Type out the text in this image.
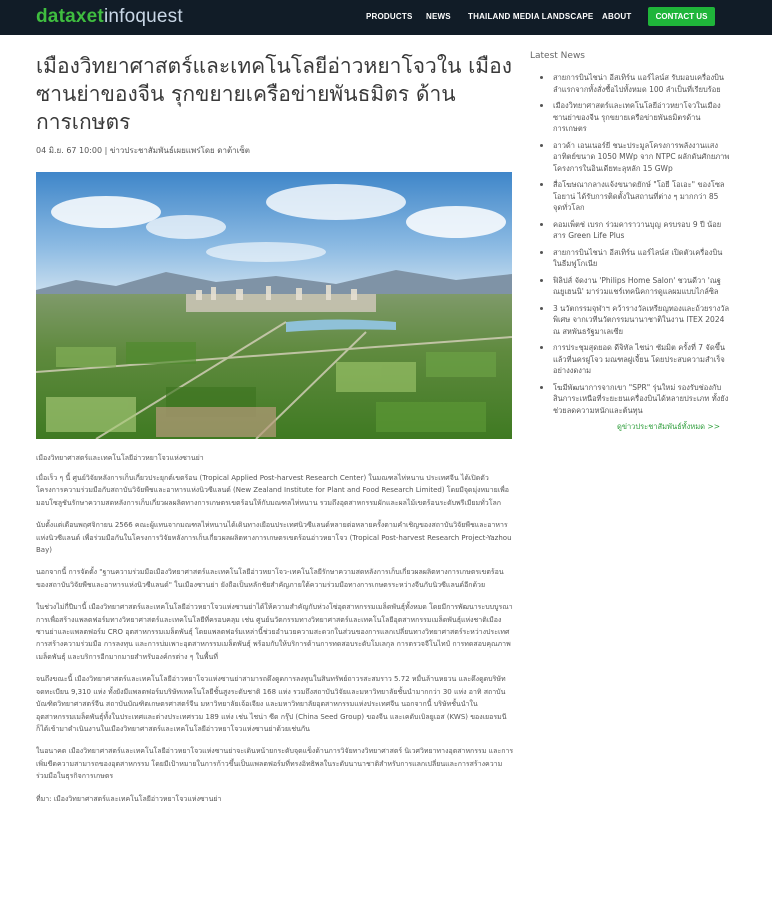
dataxetinfoquest	PRODUCTS NEWS THAILAND MEDIA LANDSCAPE ABOUT	CONTACT US
เมืองวิทยาศาสตร์และเทคโนโลยีอ่าวหยาโจวใน เมืองซานย่าของจีน รุกขยายเครือข่ายพันธมิตร ด้านการเกษตร
04 มิ.ย. 67 10:00 | ข่าวประชาสัมพันธ์เผยแพร่โดย ดาต้าเซ็ต
เมืองวิทยาศาสตร์และเทคโนโลยีอ่าวหยาโจวแห่งซานย่า

เมื่อเร็ว ๆ นี้ ศูนย์วิจัยหลังการเก็บเกี่ยวประยุกต์เขตร้อน (Tropical Applied Post-harvest Research Center) ในมณฑลไห่หนาน ประเทศจีน ได้เปิดตัวโครงการความร่วมมือกับสถาบันวิจัยพืชและอาหารแห่งนิวซีแลนด์ (New Zealand Institute for Plant and Food Research Limited) โดยมีจุดมุ่งหมายเพื่อมอบโซลูชันรักษาความสดหลังการเก็บเกี่ยวผลผลิตทางการเกษตรเขตร้อนให้กับมณฑลไห่หนาน รวมถึงอุตสาหกรรมผักและผลไม้เขตร้อนระดับพรีเมียมทั่วโลก

นับตั้งแต่เดือนพฤศจิกายน 2566 คณะผู้แทนจากมณฑลไห่หนานได้เดินทางเยือนประเทศนิวซีแลนด์หลายต่อหลายครั้งตามคำเชิญของสถาบันวิจัยพืชและอาหารแห่งนิวซีแลนด์ เพื่อร่วมมือกันในโครงการวิจัยหลังการเก็บเกี่ยวผลผลิตทางการเกษตรเขตร้อนอ่าวหยาโจว (Tropical Post-harvest Research Project-Yazhou Bay)

นอกจากนี้ การจัดตั้ง "ฐานความร่วมมือเมืองวิทยาศาสตร์และเทคโนโลยีอ่าวหยาโจว-เทคโนโลยีรักษาความสดหลังการเก็บเกี่ยวผลผลิตทางการเกษตรเขตร้อนของสถาบันวิจัยพืชและอาหารแห่งนิวซีแลนด์" ในเมืองซานย่า ยังถือเป็นหลักชัยสำคัญภายใต้ความร่วมมือทางการเกษตรระหว่างจีนกับนิวซีแลนด์อีกด้วย

ในช่วงไม่กี่ปีมานี้ เมืองวิทยาศาสตร์และเทคโนโลยีอ่าวหยาโจวแห่งซานย่าได้ให้ความสำคัญกับห่วงโซ่อุตสาหกรรมเมล็ดพันธุ์ทั้งหมด โดยมีการพัฒนาระบบบูรณาการเพื่อสร้างแพลตฟอร์มทางวิทยาศาสตร์และเทคโนโลยีที่ครอบคลุม เช่น ศูนย์นวัตกรรมทางวิทยาศาสตร์และเทคโนโลยีอุตสาหกรรมเมล็ดพันธุ์แห่งชาติเมืองซานย่าและแพลตฟอร์ม CRO อุตสาหกรรมเมล็ดพันธุ์ โดยแพลตฟอร์มเหล่านี้ช่วยอำนวยความสะดวกในส่วนของการแลกเปลี่ยนทางวิทยาศาสตร์ระหว่างประเทศ การสร้างความร่วมมือ การลงทุน และการบ่มเพาะอุตสาหกรรมเมล็ดพันธุ์ พร้อมกับให้บริการด้านการทดสอบระดับโมเลกุล การตรวจจีโนไทป์ การทดสอบคุณภาพเมล็ดพันธุ์ และบริการอีกมากมายสำหรับองค์กรต่าง ๆ ในพื้นที่

จนถึงขณะนี้ เมืองวิทยาศาสตร์และเทคโนโลยีอ่าวหยาโจวแห่งซานย่าสามารถดึงดูดการลงทุนในสินทรัพย์ถาวรสะสมราว 5.72 หมื่นล้านหยวน และดึงดูดบริษัทจดทะเบียน 9,310 แห่ง ทั้งยังมีแพลตฟอร์มบริษัทเทคโนโลยีชั้นสูงระดับชาติ 168 แห่ง รวมถึงสถาบันวิจัยและมหาวิทยาลัยชั้นนำมากกว่า 30 แห่ง อาทิ สถาบันบัณฑิตวิทยาศาสตร์จีน สถาบันบัณฑิตเกษตรศาสตร์จีน มหาวิทยาลัยเจ้อเจียง และมหาวิทยาลัยอุตสาหกรรมแห่งประเทศจีน นอกจากนี้ บริษัทชั้นนำในอุตสาหกรรมเมล็ดพันธุ์ทั้งในประเทศและต่างประเทศรวม 189 แห่ง เช่น ไชน่า ซีด กรุ๊ป (China Seed Group) ของจีน และเคดับเบิลยูเอส (KWS) ของเยอรมนี ก็ได้เข้ามาดำเนินงานในเมืองวิทยาศาสตร์และเทคโนโลยีอ่าวหยาโจวแห่งซานย่าด้วยเช่นกัน

ในอนาคต เมืองวิทยาศาสตร์และเทคโนโลยีอ่าวหยาโจวแห่งซานย่าจะเดินหน้ายกระดับจุดแข็งด้านการวิจัยทางวิทยาศาสตร์ นิเวศวิทยาทางอุตสาหกรรม และการเพิ่มขีดความสามารถของอุตสาหกรรม โดยมีเป้าหมายในการก้าวขึ้นเป็นแพลตฟอร์มที่ทรงอิทธิพลในระดับนานาชาติสำหรับการแลกเปลี่ยนและการสร้างความร่วมมือในธุรกิจการเกษตร

ที่มา: เมืองวิทยาศาสตร์และเทคโนโลยีอ่าวหยาโจวแห่งซานย่า

Latest News
สายการบินไชน่า อีสเทิร์น แอร์ไลน์ส รับมอบเครื่องบินลำแรกจากทั้งสั่งซื้อไปทั้งหมด 100 ลำเป็นที่เรียบร้อย
เมืองวิทยาศาสตร์และเทคโนโลยีอ่าวหยาโจวในเมืองซานย่าของจีน รุกขยายเครือข่ายพันธมิตรด้านการเกษตร
อาวด้า เอนเนอร์ยี ชนะประมูลโครงการพลังงานแสงอาทิตย์ขนาด 1050 MWp จาก NTPC ผลักดันศักยภาพโครงการในอินเดียทะลุหลัก 15 GWp
สื่อโฆษณากลางแจ้งขนาดยักษ์ "โอยี โอเอะ" ของโซล โอยาน่ ได้รับการติดตั้งในสถานที่ต่าง ๆ มากกว่า 85 จุดทั่วโลก
คอมเพ็ตช่ เบรก ร่วมคาราวานบุญ ครบรอบ 9 ปี น้อยสาร Green Life Plus
สายการบินไชน่า อีสเทิร์น แอร์ไลน์ส เปิดตัวเครื่องบินในธีมฟูโกเนีย
ฟิลิปส์ จัดงาน 'Philips Home Salon' ชวนดีวา 'ณฐ ณยูเฮนนิ' มาร่วมแชร์เทคนิคการดูแลผมแบบไกล์ซิล
3 นวัตกรรมจุฬาฯ คว้ารางวัลเหรียญทองและถ้วยรางวัลพิเศษ จากเวทีนวัตกรรมนานาชาติในงาน ITEX 2024 ณ สหพันธรัฐมาเลเซีย
การประชุมสุดยอด ดีจิทัล ไชน่า ซัมมิต ครั้งที่ 7 จัดขึ้นแล้วที่นครฝูโจว มณฑลฝูเจี้ยน โดยประสบความสำเร็จอย่างงดงาม
โฆมีพัฒนาการจากเขา "SPR" รุ่นใหม่ รองรับช่องกับสินการะเหนือที่ระยะยนเครื่องบินได้หลายประเภท ทั้งยังช่วยลดความหนักและต้นทุน
ดูข่าวประชาสัมพันธ์ทั้งหมด >>
